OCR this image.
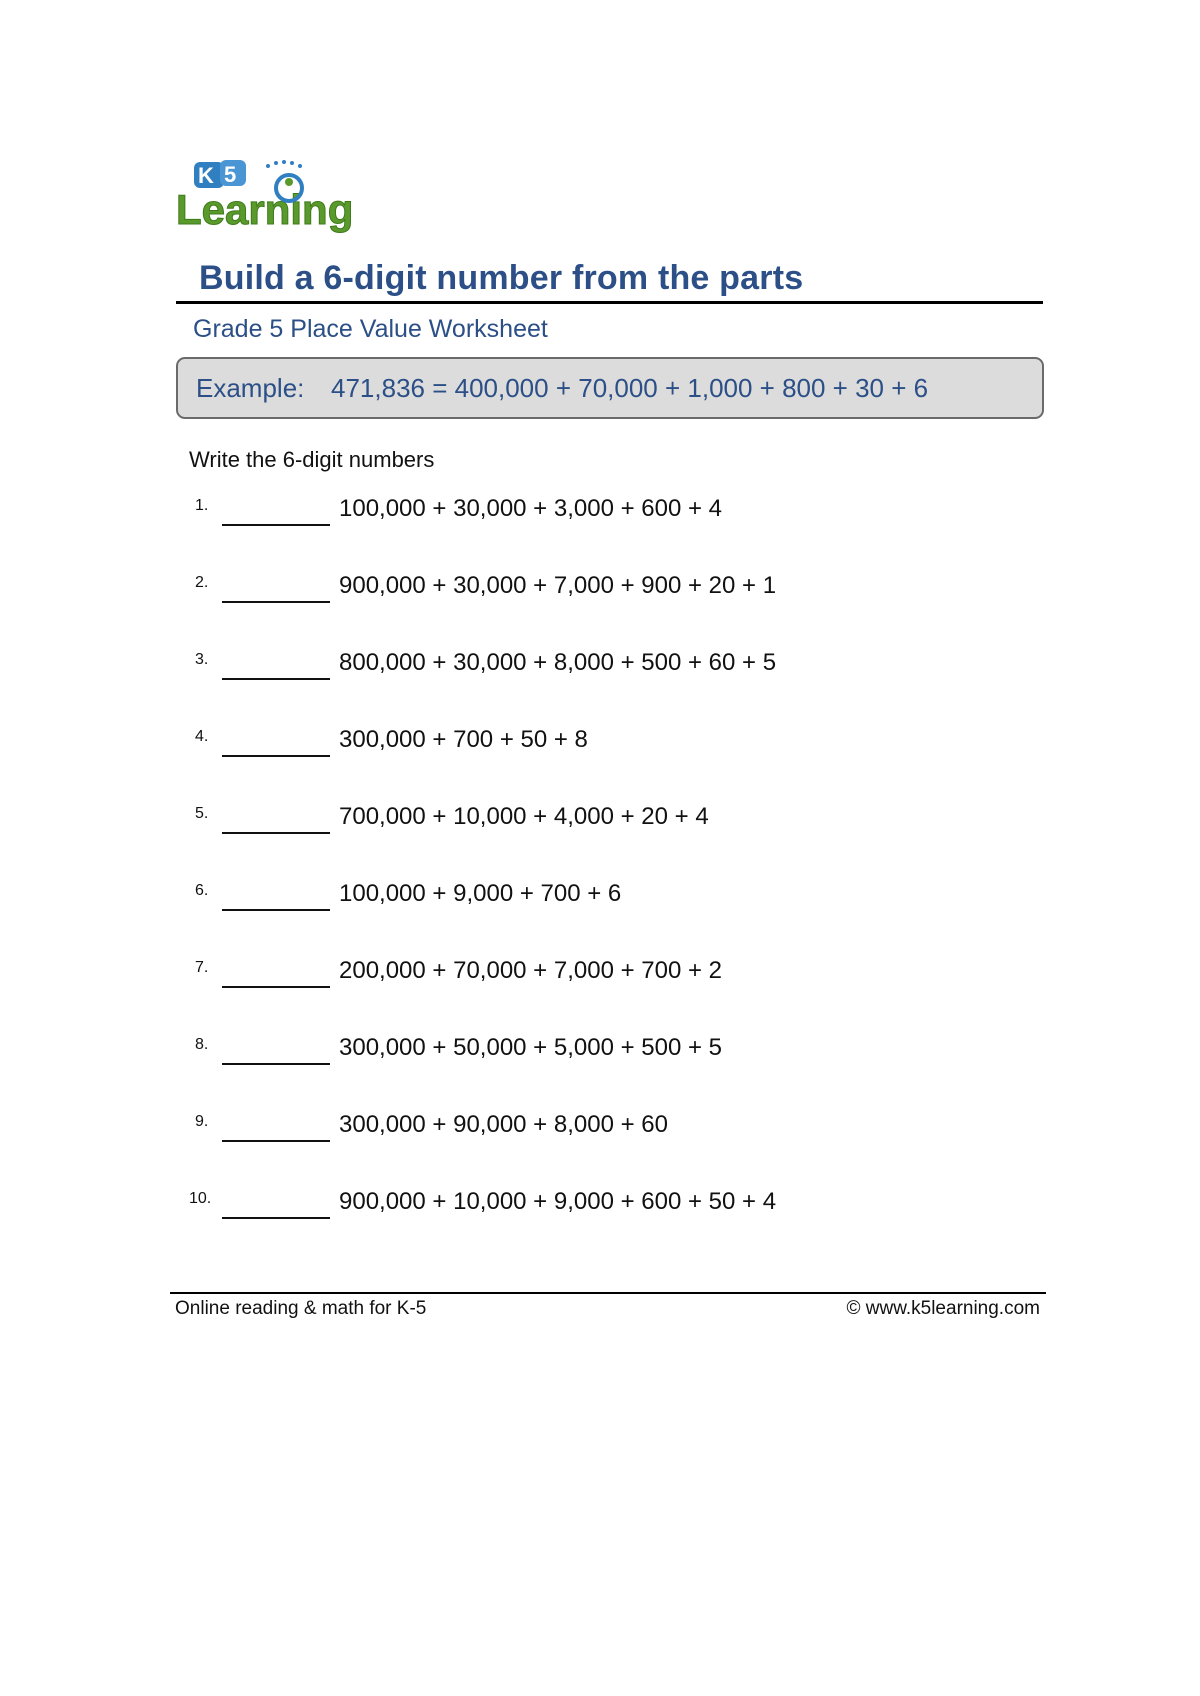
K 5
Learning
Build a 6-digit number from the parts
Grade 5 Place Value Worksheet
Example: 471,836 = 400,000 + 70,000 + 1,000 + 800 + 30 + 6
Write the 6-digit numbers
1.	100,000 + 30,000 + 3,000 + 600 + 4
2.	900,000 + 30,000 + 7,000 + 900 + 20 + 1
3.	800,000 + 30,000 + 8,000 + 500 + 60 + 5
4.	300,000 + 700 + 50 + 8
5.	700,000 + 10,000 + 4,000 + 20 + 4
6.	100,000 + 9,000 + 700 + 6
7.	200,000 + 70,000 + 7,000 + 700 + 2
8.	300,000 + 50,000 + 5,000 + 500 + 5
9.	300,000 + 90,000 + 8,000 + 60
10.	900,000 + 10,000 + 9,000 + 600 + 50 + 4
Online reading & math for K-5	© www.k5learning.com
